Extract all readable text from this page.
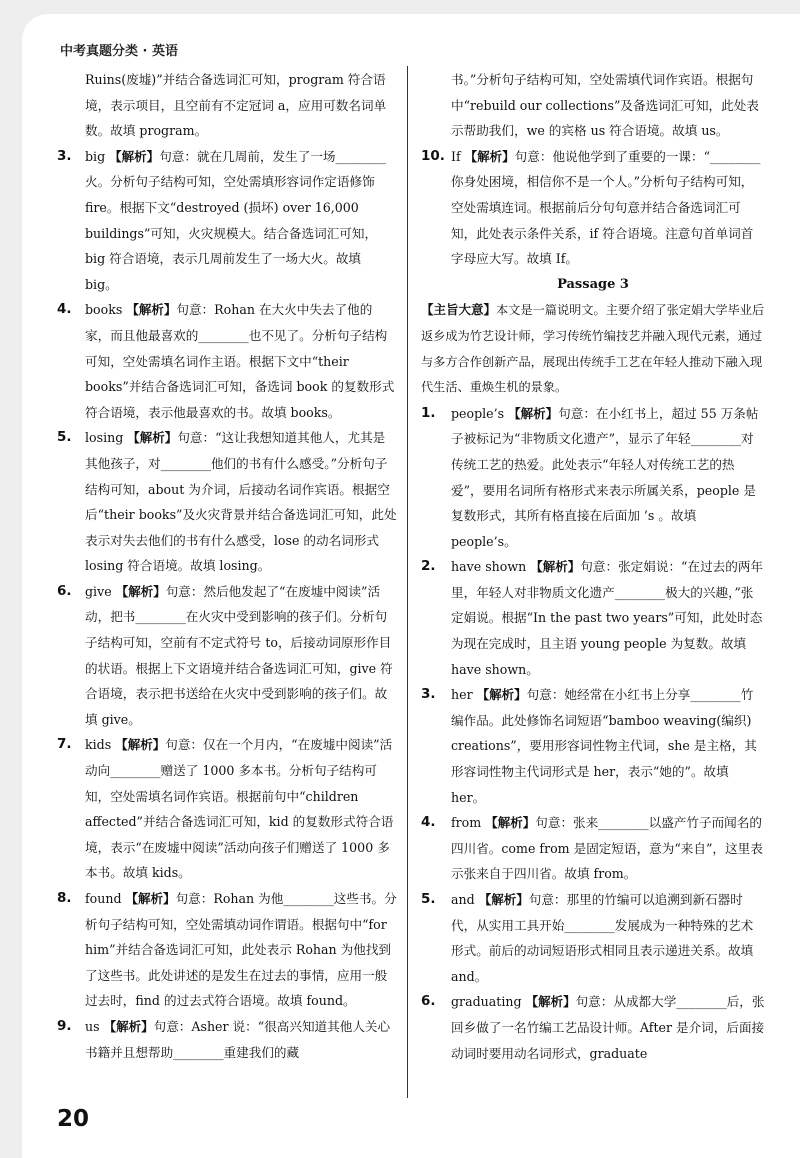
中考真题分类 · 英语

Ruins(废墟)”并结合备选词汇可知，program 符合语境，表示项目，且空前有不定冠词 a，应用可数名词单数。故填 program。

3. big 【解析】句意：就在几周前，发生了一场________火。分析句子结构可知，空处需填形容词作定语修饰 fire。根据下文“destroyed (损坏) over 16,000 buildings”可知，火灾规模大。结合备选词汇可知，big 符合语境，表示几周前发生了一场大火。故填 big。
4. books 【解析】句意：Rohan 在大火中失去了他的家，而且他最喜欢的________也不见了。分析句子结构可知，空处需填名词作主语。根据下文中“their books”并结合备选词汇可知，备选词 book 的复数形式符合语境，表示他最喜欢的书。故填 books。
5. losing 【解析】句意：“这让我想知道其他人，尤其是其他孩子，对________他们的书有什么感受。”分析句子结构可知，about 为介词，后接动名词作宾语。根据空后“their books”及火灾背景并结合备选词汇可知，此处表示对失去他们的书有什么感受，lose 的动名词形式 losing 符合语境。故填 losing。
6. give 【解析】句意：然后他发起了“在废墟中阅读”活动，把书________在火灾中受到影响的孩子们。分析句子结构可知，空前有不定式符号 to，后接动词原形作目的状语。根据上下文语境并结合备选词汇可知，give 符合语境，表示把书送给在火灾中受到影响的孩子们。故填 give。
7. kids 【解析】句意：仅在一个月内，“在废墟中阅读”活动向________赠送了 1000 多本书。分析句子结构可知，空处需填名词作宾语。根据前句中“children affected”并结合备选词汇可知，kid 的复数形式符合语境，表示“在废墟中阅读”活动向孩子们赠送了 1000 多本书。故填 kids。
8. found 【解析】句意：Rohan 为他________这些书。分析句子结构可知，空处需填动词作谓语。根据句中“for him”并结合备选词汇可知，此处表示 Rohan 为他找到了这些书。此处讲述的是发生在过去的事情，应用一般过去时，find 的过去式符合语境。故填 found。
9. us 【解析】句意：Asher 说：“很高兴知道其他人关心书籍并且想帮助________重建我们的藏

书。”分析句子结构可知，空处需填代词作宾语。根据句中“rebuild our collections”及备选词汇可知，此处表示帮助我们，we 的宾格 us 符合语境。故填 us。

10. If 【解析】句意：他说他学到了重要的一课：“________你身处困境，相信你不是一个人。”分析句子结构可知，空处需填连词。根据前后分句句意并结合备选词汇可知，此处表示条件关系，if 符合语境。注意句首单词首字母应大写。故填 If。

Passage 3

【主旨大意】本文是一篇说明文。主要介绍了张定娟大学毕业后返乡成为竹艺设计师，学习传统竹编技艺并融入现代元素，通过与多方合作创新产品，展现出传统手工艺在年轻人推动下融入现代生活、重焕生机的景象。

1. people’s 【解析】句意：在小红书上，超过 55 万条帖子被标记为“非物质文化遗产”，显示了年轻________对传统工艺的热爱。此处表示“年轻人对传统工艺的热爱”，要用名词所有格形式来表示所属关系，people 是复数形式，其所有格直接在后面加 ’s 。故填 people’s。
2. have shown 【解析】句意：张定娟说：“在过去的两年里，年轻人对非物质文化遗产________极大的兴趣，”张定娟说。根据“In the past two years”可知，此处时态为现在完成时，且主语 young people 为复数。故填 have shown。
3. her 【解析】句意：她经常在小红书上分享________竹编作品。此处修饰名词短语“bamboo weaving(编织) creations”，要用形容词性物主代词，she 是主格，其形容词性物主代词形式是 her，表示“她的”。故填 her。
4. from 【解析】句意：张来________以盛产竹子而闻名的四川省。come from 是固定短语，意为“来自”，这里表示张来自于四川省。故填 from。
5. and 【解析】句意：那里的竹编可以追溯到新石器时代，从实用工具开始________发展成为一种特殊的艺术形式。前后的动词短语形式相同且表示递进关系。故填 and。
6. graduating 【解析】句意：从成都大学________后，张回乡做了一名竹编工艺品设计师。After 是介词，后面接动词时要用动名词形式，graduate
20
